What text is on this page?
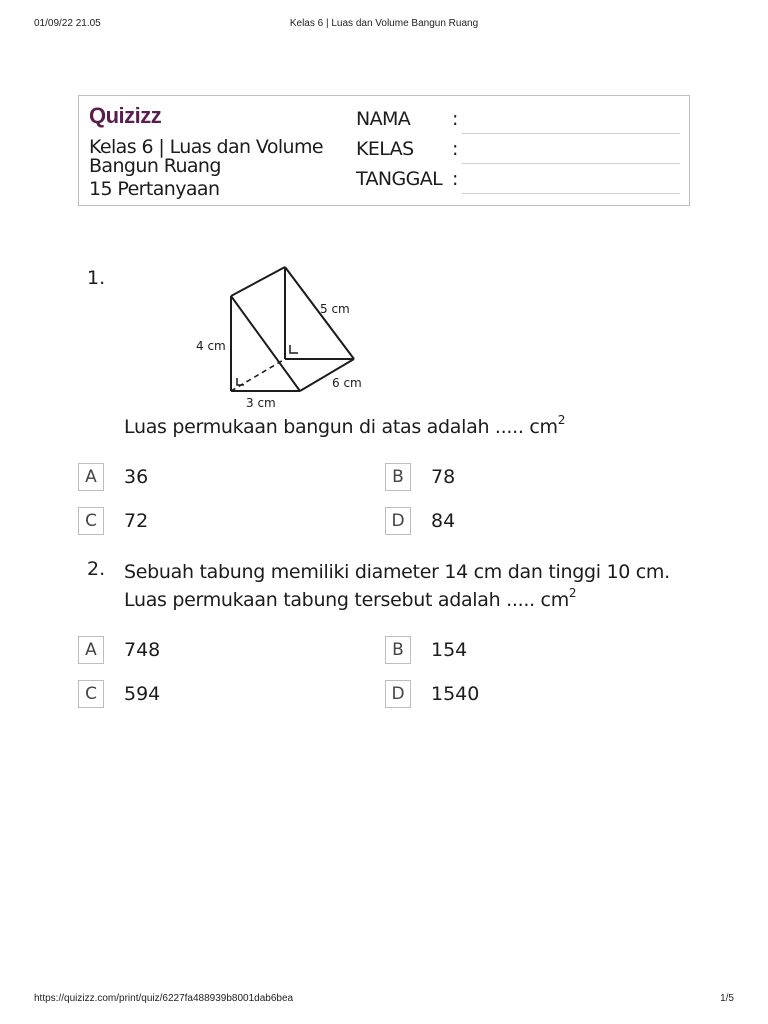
01/09/22 21.05	Kelas 6 | Luas dan Volume Bangun Ruang
Quizizz
Kelas 6 | Luas dan Volume Bangun Ruang
15 Pertanyaan
NAMA :
KELAS :
TANGGAL :
1.
4 cm
5 cm
6 cm
3 cm
Luas permukaan bangun di atas adalah ..... $cm^2$
A	36	B	78
C	72	D	84
2. Sebuah tabung memiliki diameter 14 cm dan tinggi 10 cm.
Luas permukaan tabung tersebut adalah ..... $cm^2$
A	748	B	154
C	594	D	1540
https://quizizz.com/print/quiz/6227fa488939b8001dab6bea	1/5
